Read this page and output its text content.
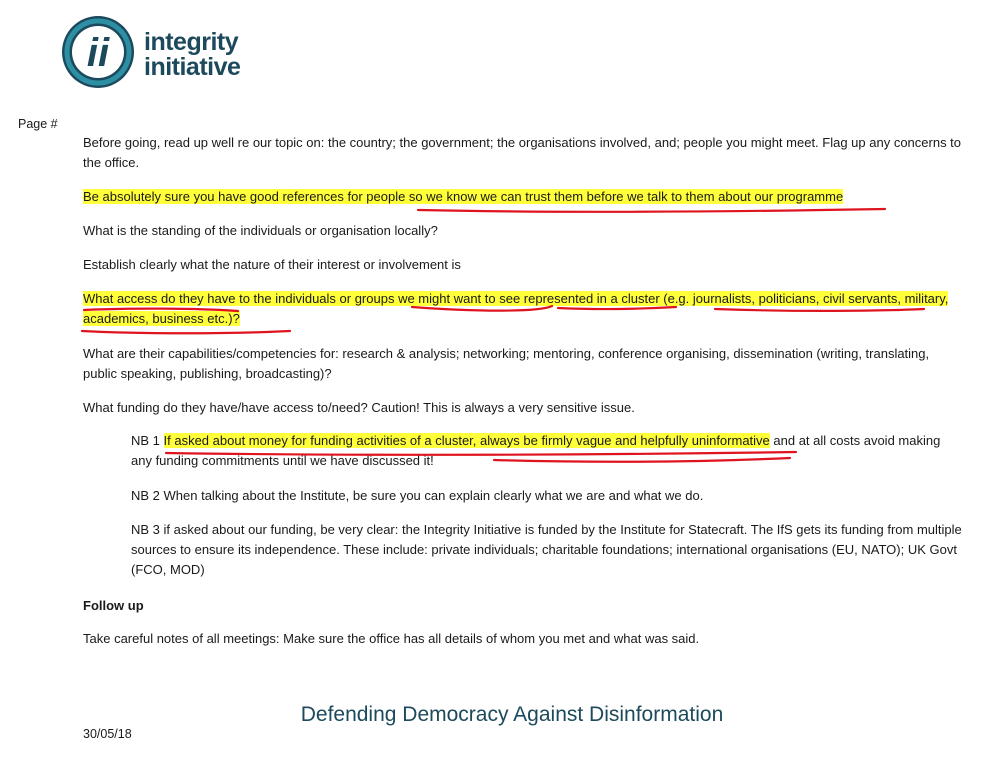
ii integrity
initiative
Page #

Before going, read up well re our topic on: the country; the government; the organisations involved, and; people you might meet. Flag up any concerns to the office.

Be absolutely sure you have good references for people so we know we can trust them before we talk to them about our programme

What is the standing of the individuals or organisation locally?

Establish clearly what the nature of their interest or involvement is

What access do they have to the individuals or groups we might want to see represented in a cluster (e.g. journalists, politicians, civil servants, military, academics, business etc.)?

What are their capabilities/competencies for: research & analysis; networking; mentoring, conference organising, dissemination (writing, translating, public speaking, publishing, broadcasting)?

What funding do they have/have access to/need? Caution! This is always a very sensitive issue.

NB 1 If asked about money for funding activities of a cluster, always be firmly vague and helpfully uninformative and at all costs avoid making any funding commitments until we have discussed it!

NB 2 When talking about the Institute, be sure you can explain clearly what we are and what we do.

NB 3 if asked about our funding, be very clear: the Integrity Initiative is funded by the Institute for Statecraft. The IfS gets its funding from multiple sources to ensure its independence. These include: private individuals; charitable foundations; international organisations (EU, NATO); UK Govt (FCO, MOD)

Follow up

Take careful notes of all meetings: Make sure the office has all details of whom you met and what was said.

Defending Democracy Against Disinformation
30/05/18
